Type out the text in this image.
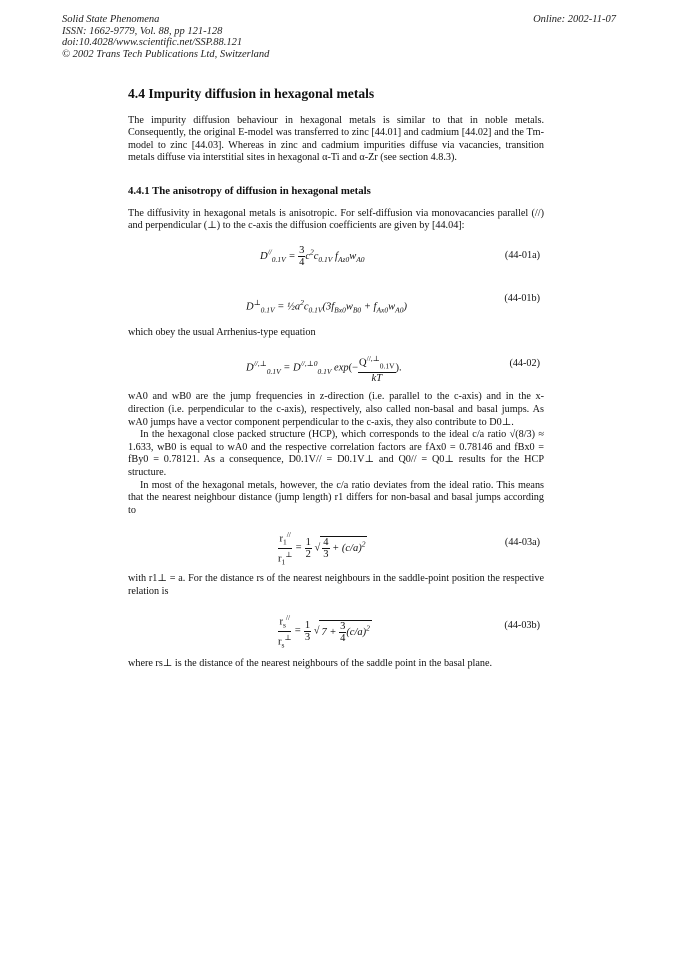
Solid State Phenomena
ISSN: 1662-9779, Vol. 88, pp 121-128
doi:10.4028/www.scientific.net/SSP.88.121
© 2002 Trans Tech Publications Ltd, Switzerland
Online: 2002-11-07
4.4 Impurity diffusion in hexagonal metals

The impurity diffusion behaviour in hexagonal metals is similar to that in noble metals. Consequently, the original E-model was transferred to zinc [44.01] and cadmium [44.02] and the Tm-model to zinc [44.03]. Whereas in zinc and cadmium impurities diffuse via vacancies, transition metals diffuse via interstitial sites in hexagonal α-Ti and α-Zr (see section 4.8.3).

4.4.1 The anisotropy of diffusion in hexagonal metals

The diffusivity in hexagonal metals is anisotropic. For self-diffusion via monovacancies parallel (//) and perpendicular (⊥) to the c-axis the diffusion coefficients are given by [44.04]:

$D^{//}_{0.1V} = \frac{3}{4} c^2c_{0.1V}$ $f_{Az0}w_{A0}$	(44-01a)
$D^\perp_{0.1V}$ = $\frac{1}{2}a^2c_{0.1V}(3f_{Bx0}w_{B0} + f_{Ax0}w_{A0})$
(44-01b)

which obey the usual Arrhenius-type equation

$D^{//,\perp}_{0.1V} = D^{//,\perp 0}_{0.1V}$ $\exp(- \frac{Q^{//,\perp}_{0.1V}}{kT}$ ).	(44-02)

wA0 and wB0 are the jump frequencies in z-direction (i.e. parallel to the c-axis) and in the x-direction (i.e. perpendicular to the c-axis), respectively, also called non-basal and basal jumps. As wA0 jumps have a vector component perpendicular to the c-axis, they also contribute to D0⊥.

In the hexagonal close packed structure (HCP), which corresponds to the ideal c/a ratio √(8/3) ≈ 1.633, wB0 is equal to wA0 and the respective correlation factors are fAx0 = 0.78146 and fBx0 = fBy0 = 0.78121. As a consequence, D0.1V// = D0.1V⊥ and Q0// = Q0⊥ results for the HCP structure.

In most of the hexagonal metals, however, the c/a ratio deviates from the ideal ratio. This means that the nearest neighbour distance (jump length) r1 differs for non-basal and basal jumps according to

$\frac{r_1^{//}}{r_1^\perp} = \frac{1}{2}$ √ $\frac{4}{3} + (c/a)^2$	(44-03a)

with r1⊥ = a. For the distance rs of the nearest neighbours in the saddle-point position the respective relation is

$\frac{r_s^{//}}{r_s^\perp} = \frac{1}{3}$ √ $7 + \frac{3}{4} (c/a)^2$	(44-03b)

where rs⊥ is the distance of the nearest neighbours of the saddle point in the basal plane.
